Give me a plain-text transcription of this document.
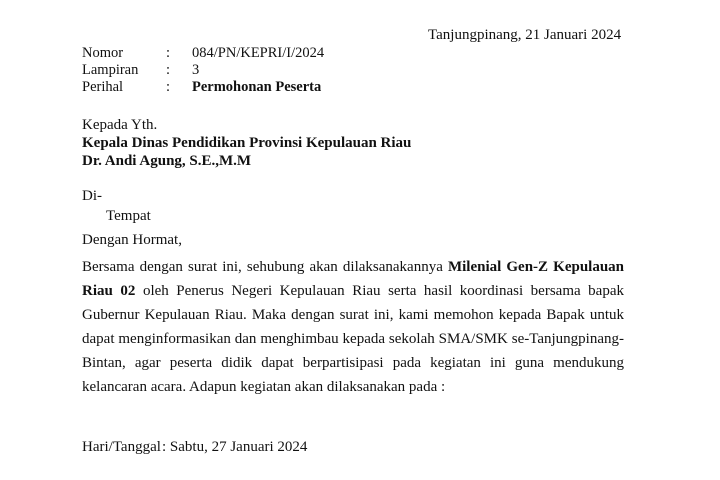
Tanjungpinang, 21 Januari 2024
Nomor	: 084/PN/KEPRI/I/2024
Lampiran : 3
Perihal	: Permohonan Peserta
Kepada Yth.
Kepala Dinas Pendidikan Provinsi Kepulauan Riau
Dr. Andi Agung, S.E.,M.M
Di-
Tempat
Dengan Hormat,

Bersama dengan surat ini, sehubung akan dilaksanakannya Milenial Gen-Z Kepulauan Riau 02 oleh Penerus Negeri Kepulauan Riau serta hasil koordinasi bersama bapak Gubernur Kepulauan Riau. Maka dengan surat ini, kami memohon kepada Bapak untuk dapat menginformasikan dan menghimbau kepada sekolah SMA/SMK se-Tanjungpinang-Bintan, agar peserta didik dapat berpartisipasi pada kegiatan ini guna mendukung kelancaran acara. Adapun kegiatan akan dilaksanakan pada :

Hari/Tanggal: Sabtu, 27 Januari 2024
